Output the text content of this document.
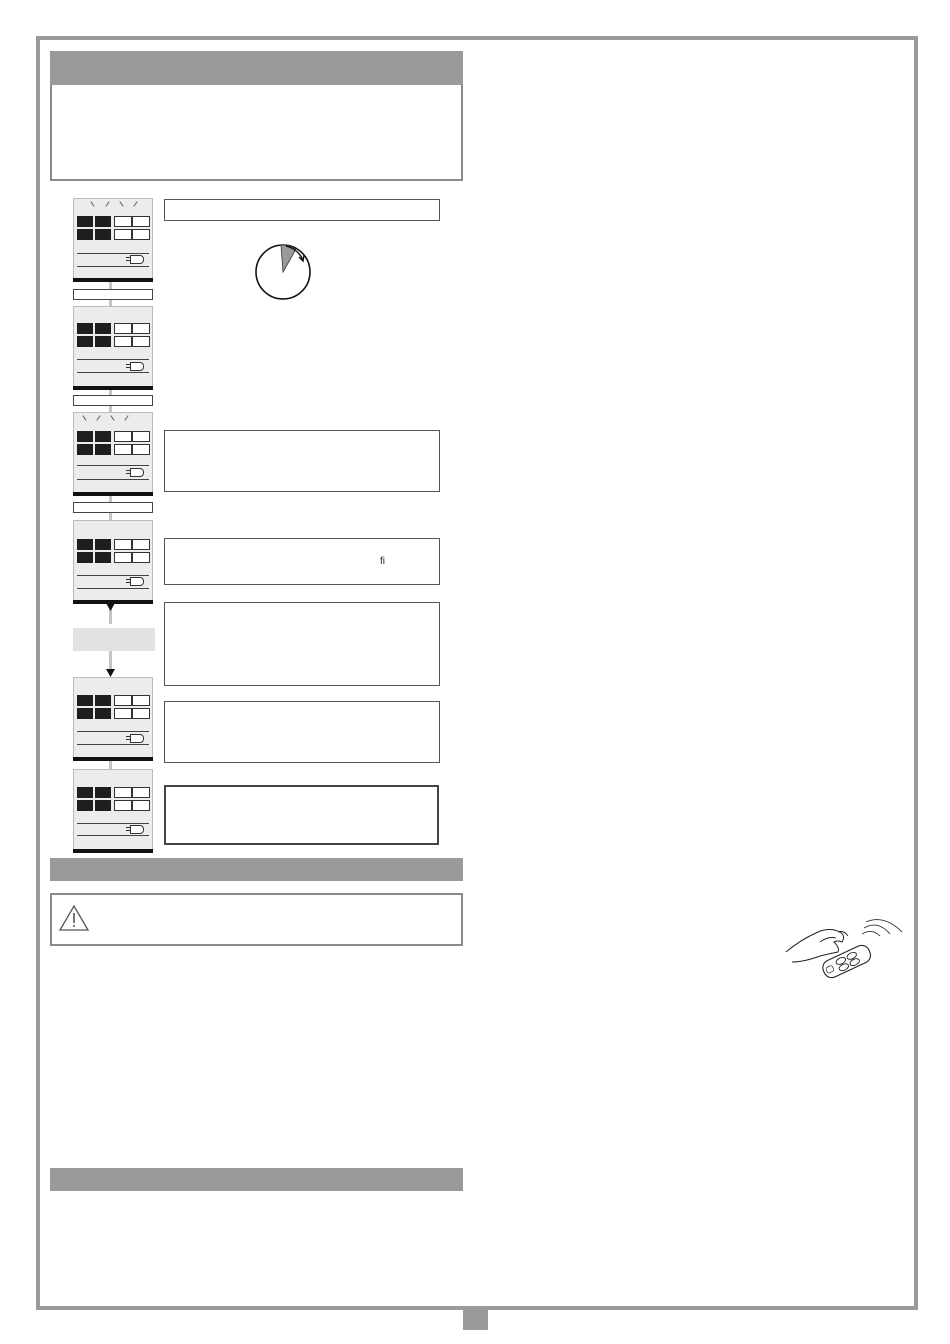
fi
